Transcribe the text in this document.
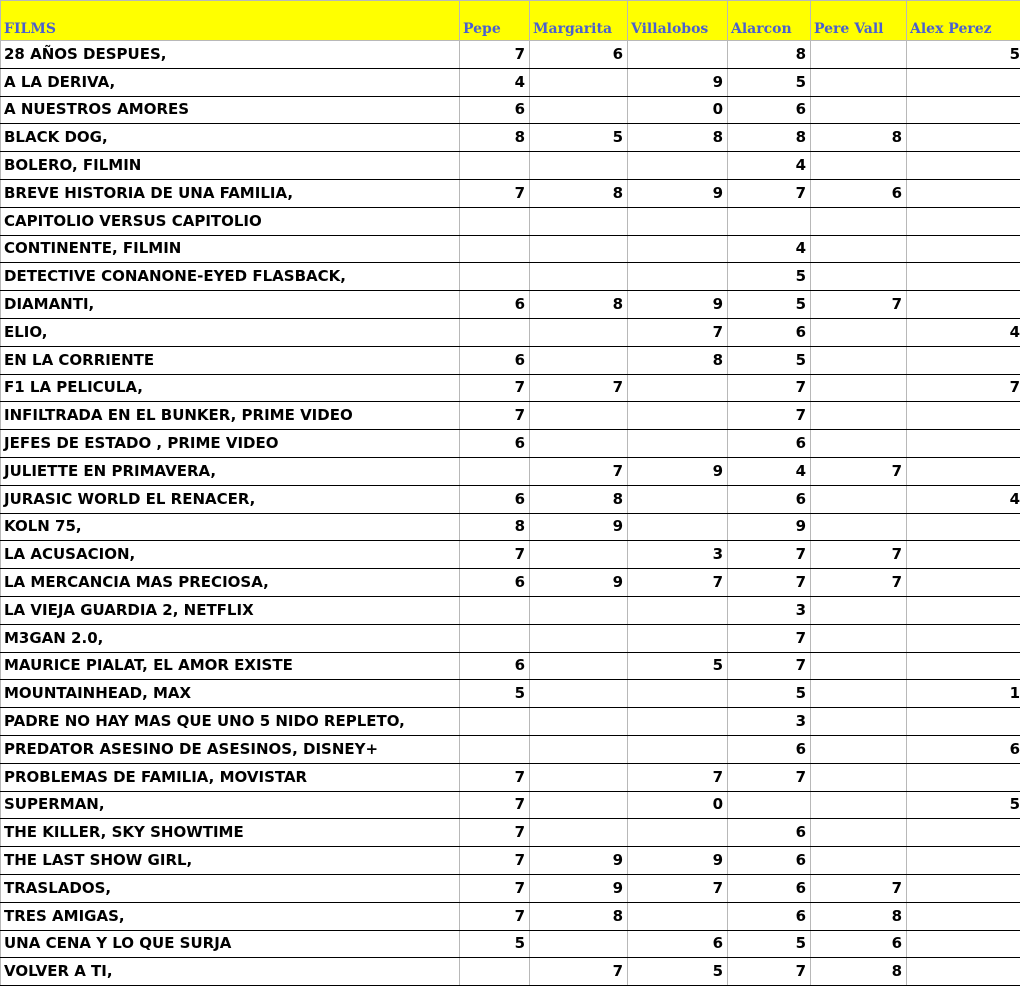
FILMS	Pepe	Margarita	Villalobos	Alarcon	Pere Vall	Alex Perez
28 AÑOS DESPUES,	7	6		8		5
A LA DERIVA,	4		9	5		
A NUESTROS AMORES	6		0	6		
BLACK DOG,	8	5	8	8	8	
BOLERO, FILMIN				4		
BREVE HISTORIA DE UNA FAMILIA,	7	8	9	7	6	
CAPITOLIO VERSUS CAPITOLIO						
CONTINENTE, FILMIN				4		
DETECTIVE CONANONE-EYED FLASBACK,				5		
DIAMANTI,	6	8	9	5	7	
ELIO,			7	6		4
EN LA CORRIENTE	6		8	5		
F1 LA PELICULA,	7	7		7		7
INFILTRADA EN EL BUNKER, PRIME VIDEO	7			7		
JEFES DE ESTADO , PRIME VIDEO	6			6		
JULIETTE EN PRIMAVERA,		7	9	4	7	
JURASIC WORLD EL RENACER,	6	8		6		4
KOLN 75,	8	9		9		
LA ACUSACION,	7		3	7	7	
LA MERCANCIA MAS PRECIOSA,	6	9	7	7	7	
LA VIEJA GUARDIA 2, NETFLIX				3		
M3GAN 2.0,				7		
MAURICE PIALAT, EL AMOR EXISTE	6		5	7		
MOUNTAINHEAD, MAX	5			5		1
PADRE NO HAY MAS QUE UNO 5 NIDO REPLETO,				3		
PREDATOR ASESINO DE ASESINOS, DISNEY+				6		6
PROBLEMAS DE FAMILIA, MOVISTAR	7		7	7		
SUPERMAN,	7		0			5
THE KILLER, SKY SHOWTIME	7			6		
THE LAST SHOW GIRL,	7	9	9	6		
TRASLADOS,	7	9	7	6	7	
TRES AMIGAS,	7	8		6	8	
UNA CENA Y LO QUE SURJA	5		6	5	6	
VOLVER A TI,		7	5	7	8	
